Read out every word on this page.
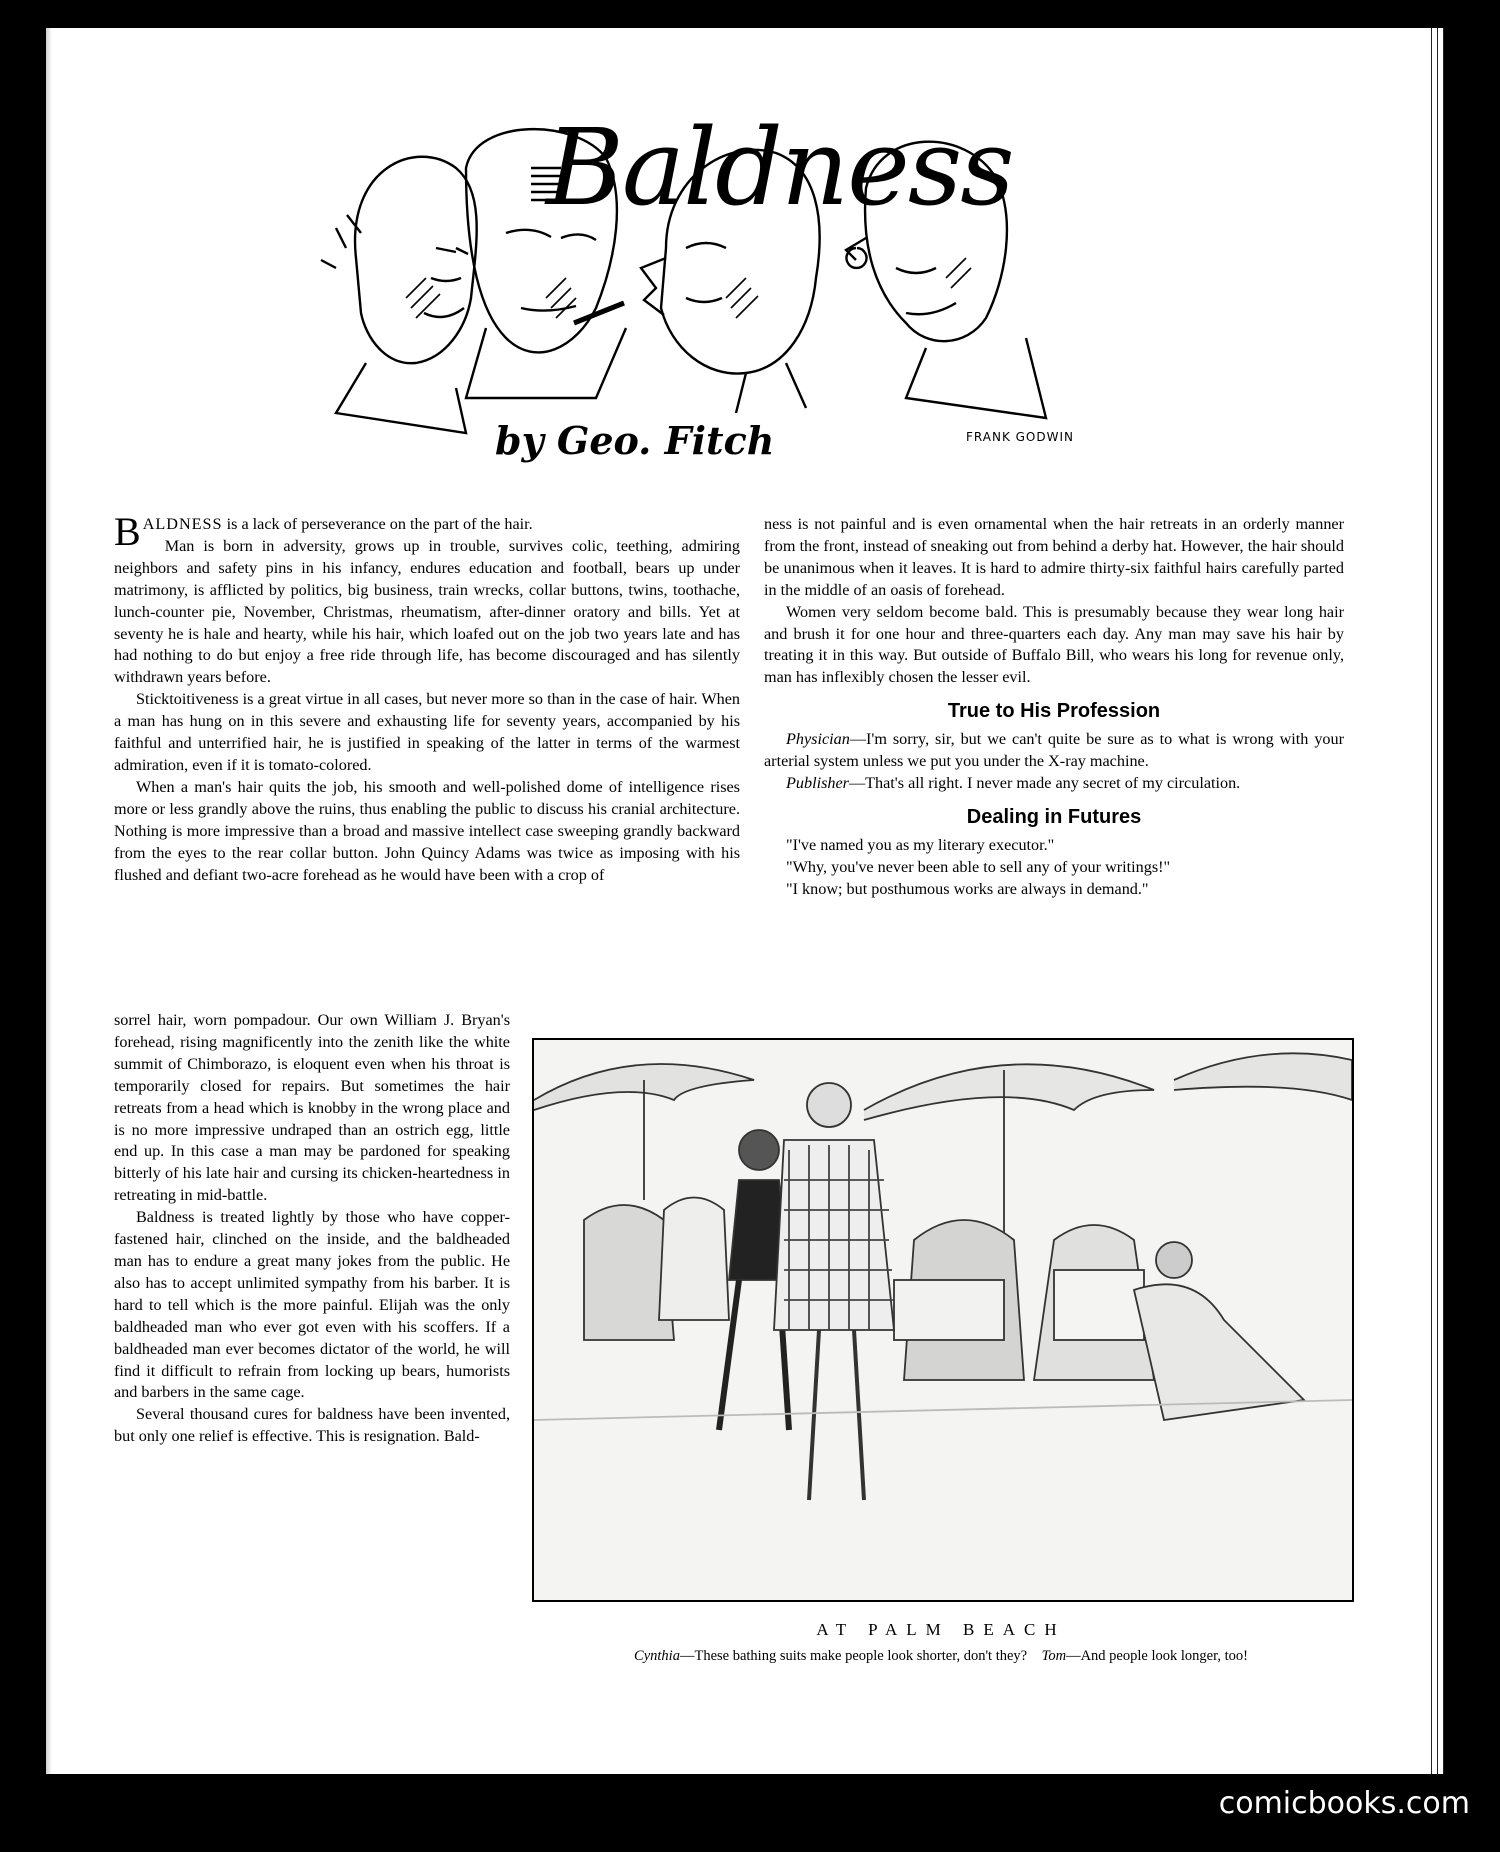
Baldness
by Geo. Fitch	FRANK GODWIN

BALDNESS is a lack of perseverance on the part of the hair.

Man is born in adversity, grows up in trouble, survives colic, teething, admiring neighbors and safety pins in his infancy, endures education and football, bears up under matrimony, is afflicted by politics, big business, train wrecks, collar buttons, twins, toothache, lunch-counter pie, November, Christmas, rheumatism, after-dinner oratory and bills. Yet at seventy he is hale and hearty, while his hair, which loafed out on the job two years late and has had nothing to do but enjoy a free ride through life, has become discouraged and has silently withdrawn years before.

Sticktoitiveness is a great virtue in all cases, but never more so than in the case of hair. When a man has hung on in this severe and exhausting life for seventy years, accompanied by his faithful and unterrified hair, he is justified in speaking of the latter in terms of the warmest admiration, even if it is tomato-colored.

When a man's hair quits the job, his smooth and well-polished dome of intelligence rises more or less grandly above the ruins, thus enabling the public to discuss his cranial architecture. Nothing is more impressive than a broad and massive intellect case sweeping grandly backward from the eyes to the rear collar button. John Quincy Adams was twice as imposing with his flushed and defiant two-acre forehead as he would have been with a crop of

sorrel hair, worn pompadour. Our own William J. Bryan's forehead, rising magnificently into the zenith like the white summit of Chimborazo, is eloquent even when his throat is temporarily closed for repairs. But sometimes the hair retreats from a head which is knobby in the wrong place and is no more impressive undraped than an ostrich egg, little end up. In this case a man may be pardoned for speaking bitterly of his late hair and cursing its chicken-heartedness in retreating in mid-battle.

Baldness is treated lightly by those who have copper-fastened hair, clinched on the inside, and the baldheaded man has to endure a great many jokes from the public. He also has to accept unlimited sympathy from his barber. It is hard to tell which is the more painful. Elijah was the only baldheaded man who ever got even with his scoffers. If a baldheaded man ever becomes dictator of the world, he will find it difficult to refrain from locking up bears, humorists and barbers in the same cage.

Several thousand cures for baldness have been invented, but only one relief is effective. This is resignation. Bald-

ness is not painful and is even ornamental when the hair retreats in an orderly manner from the front, instead of sneaking out from behind a derby hat. However, the hair should be unanimous when it leaves. It is hard to admire thirty-six faithful hairs carefully parted in the middle of an oasis of forehead.

Women very seldom become bald. This is presumably because they wear long hair and brush it for one hour and three-quarters each day. Any man may save his hair by treating it in this way. But outside of Buffalo Bill, who wears his long for revenue only, man has inflexibly chosen the lesser evil.

True to His Profession

Physician—I'm sorry, sir, but we can't quite be sure as to what is wrong with your arterial system unless we put you under the X-ray machine.

Publisher—That's all right. I never made any secret of my circulation.

Dealing in Futures

"I've named you as my literary executor."

"Why, you've never been able to sell any of your writings!"

"I know; but posthumous works are always in demand."

AT PALM BEACH
Cynthia—These bathing suits make people look shorter, don't they? Tom—And people look longer, too!
comicbooks.com
